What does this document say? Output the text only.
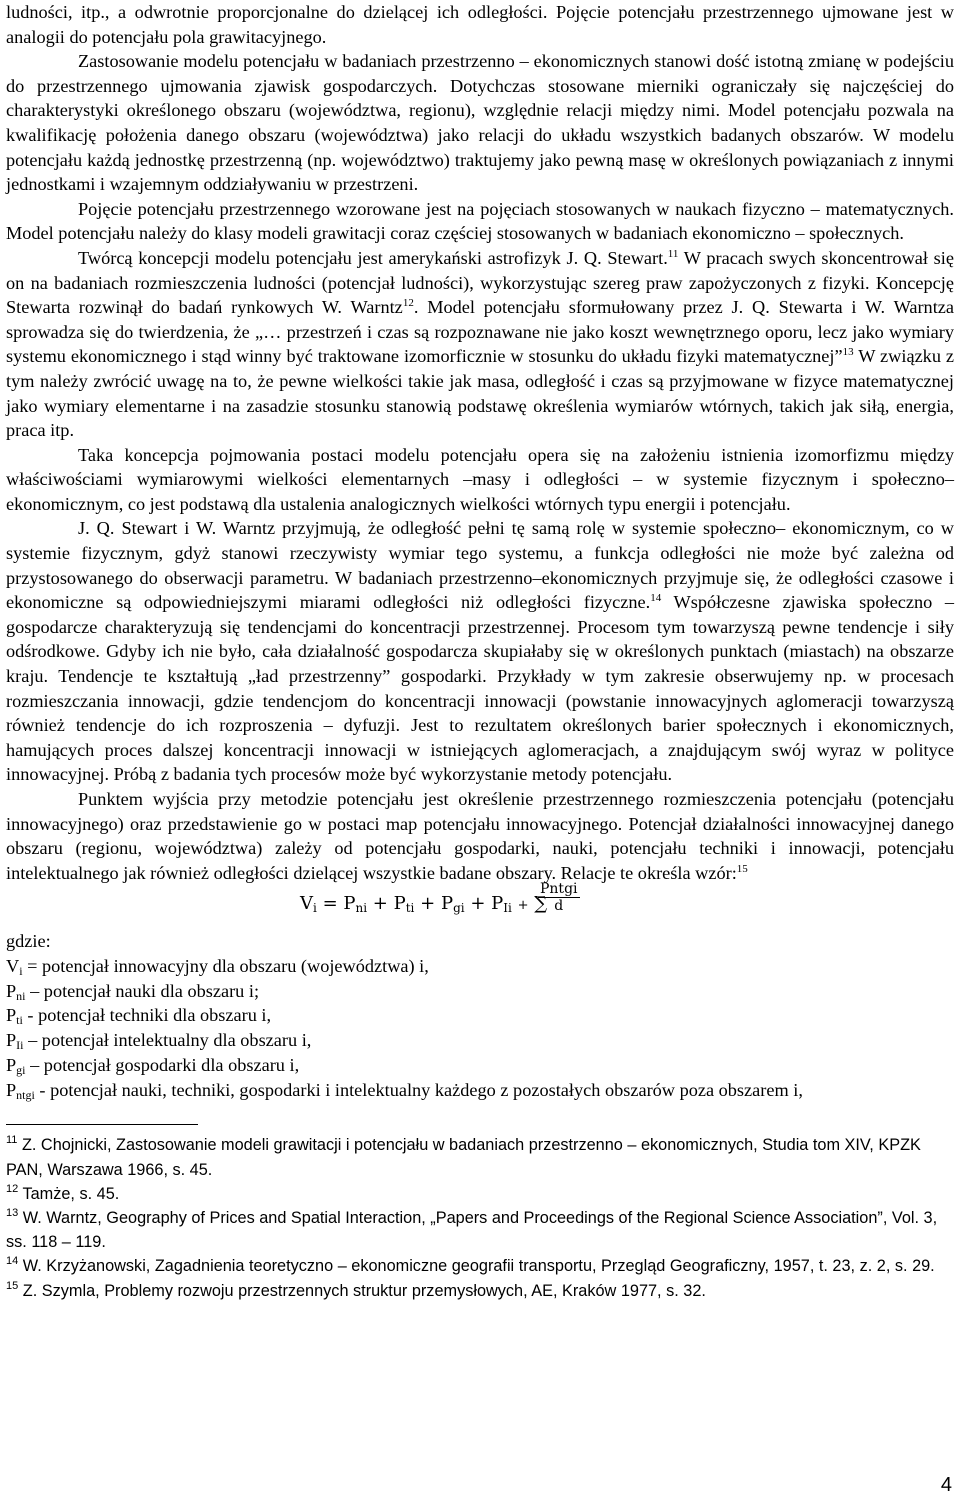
ludności, itp., a odwrotnie proporcjonalne do dzielącej ich odległości. Pojęcie potencjału przestrzennego ujmowane jest w analogii do potencjału pola grawitacyjnego.

Zastosowanie modelu potencjału w badaniach przestrzenno – ekonomicznych stanowi dość istotną zmianę w podejściu do przestrzennego ujmowania zjawisk gospodarczych. Dotychczas stosowane mierniki ograniczały się najczęściej do charakterystyki określonego obszaru (województwa, regionu), względnie relacji między nimi. Model potencjału pozwala na kwalifikację położenia danego obszaru (województwa) jako relacji do układu wszystkich badanych obszarów. W modelu potencjału każdą jednostkę przestrzenną (np. województwo) traktujemy jako pewną masę w określonych powiązaniach z innymi jednostkami i wzajemnym oddziaływaniu w przestrzeni.

Pojęcie potencjału przestrzennego wzorowane jest na pojęciach stosowanych w naukach fizyczno – matematycznych. Model potencjału należy do klasy modeli grawitacji coraz częściej stosowanych w badaniach ekonomiczno – społecznych.

Twórcą koncepcji modelu potencjału jest amerykański astrofizyk J. Q. Stewart.$^{11}$ W pracach swych skoncentrował się on na badaniach rozmieszczenia ludności (potencjał ludności), wykorzystując szereg praw zapożyczonych z fizyki. Koncepcję Stewarta rozwinął do badań rynkowych W. Warntz$^{12}$. Model potencjału sformułowany przez J. Q. Stewarta i W. Warntza sprowadza się do twierdzenia, że „… przestrzeń i czas są rozpoznawane nie jako koszt wewnętrznego oporu, lecz jako wymiary systemu ekonomicznego i stąd winny być traktowane izomorficznie w stosunku do układu fizyki matematycznej”$^{13}$ W związku z tym należy zwrócić uwagę na to, że pewne wielkości takie jak masa, odległość i czas są przyjmowane w fizyce matematycznej jako wymiary elementarne i na zasadzie stosunku stanowią podstawę określenia wymiarów wtórnych, takich jak siłą, energia, praca itp.

Taka koncepcja pojmowania postaci modelu potencjału opera się na założeniu istnienia izomorfizmu między właściwościami wymiarowymi wielkości elementarnych –masy i odległości – w systemie fizycznym i społeczno–ekonomicznym, co jest podstawą dla ustalenia analogicznych wielkości wtórnych typu energii i potencjału.

J. Q. Stewart i W. Warntz przyjmują, że odległość pełni tę samą rolę w systemie społeczno– ekonomicznym, co w systemie fizycznym, gdyż stanowi rzeczywisty wymiar tego systemu, a funkcja odległości nie może być zależna od przystosowanego do obserwacji parametru. W badaniach przestrzenno–ekonomicznych przyjmuje się, że odległości czasowe i ekonomiczne są odpowiedniejszymi miarami odległości niż odległości fizyczne.$^{14}$ Współczesne zjawiska społeczno – gospodarcze charakteryzują się tendencjami do koncentracji przestrzennej. Procesom tym towarzyszą pewne tendencje i siły odśrodkowe. Gdyby ich nie było, cała działalność gospodarcza skupiałaby się w określonych punktach (miastach) na obszarze kraju. Tendencje te kształtują „ład przestrzenny” gospodarki. Przykłady w tym zakresie obserwujemy np. w procesach rozmieszczania innowacji, gdzie tendencjom do koncentracji innowacji (powstanie innowacyjnych aglomeracji towarzyszą również tendencje do ich rozproszenia – dyfuzji. Jest to rezultatem określonych barier społecznych i ekonomicznych, hamujących proces dalszej koncentracji innowacji w istniejących aglomeracjach, a znajdującym swój wyraz w polityce innowacyjnej. Próbą z badania tych procesów może być wykorzystanie metody potencjału.

Punktem wyjścia przy metodzie potencjału jest określenie przestrzennego rozmieszczenia potencjału (potencjału innowacyjnego) oraz przedstawienie go w postaci map potencjału innowacyjnego. Potencjał działalności innowacyjnej danego obszaru (regionu, województwa) zależy od potencjału gospodarki, nauki, potencjału techniki i innowacji, potencjału intelektualnego jak również odległości dzielącej wszystkie badane obszary. Relacje te określa wzór:$^{15}$

$V_i = P_{ni} + P_{ti} + P_{gi} + P_{Ii}$ + ∑
Pntgi
d

gdzie:

$V_i$ = potencjał innowacyjny dla obszaru (województwa) i,

$P_{ni}$ – potencjał nauki dla obszaru i;

$P_{ti}$ - potencjał techniki dla obszaru i,

$P_{Ii}$ – potencjał intelektualny dla obszaru i,

$P_{gi}$ – potencjał gospodarki dla obszaru i,

$P_{ntgi}$ - potencjał nauki, techniki, gospodarki i intelektualny każdego z pozostałych obszarów poza obszarem i,

$^{11}$ Z. Chojnicki, Zastosowanie modeli grawitacji i potencjału w badaniach przestrzenno – ekonomicznych, Studia tom XIV, KPZK PAN, Warszawa 1966, s. 45.

$^{12}$ Tamże, s. 45.

$^{13}$ W. Warntz, Geography of Prices and Spatial Interaction, „Papers and Proceedings of the Regional Science Association”, Vol. 3, ss. 118 – 119.

$^{14}$ W. Krzyżanowski, Zagadnienia teoretyczno – ekonomiczne geografii transportu, Przegląd Geograficzny, 1957, t. 23, z. 2, s. 29.

$^{15}$ Z. Szymla, Problemy rozwoju przestrzennych struktur przemysłowych, AE, Kraków 1977, s. 32.

4
